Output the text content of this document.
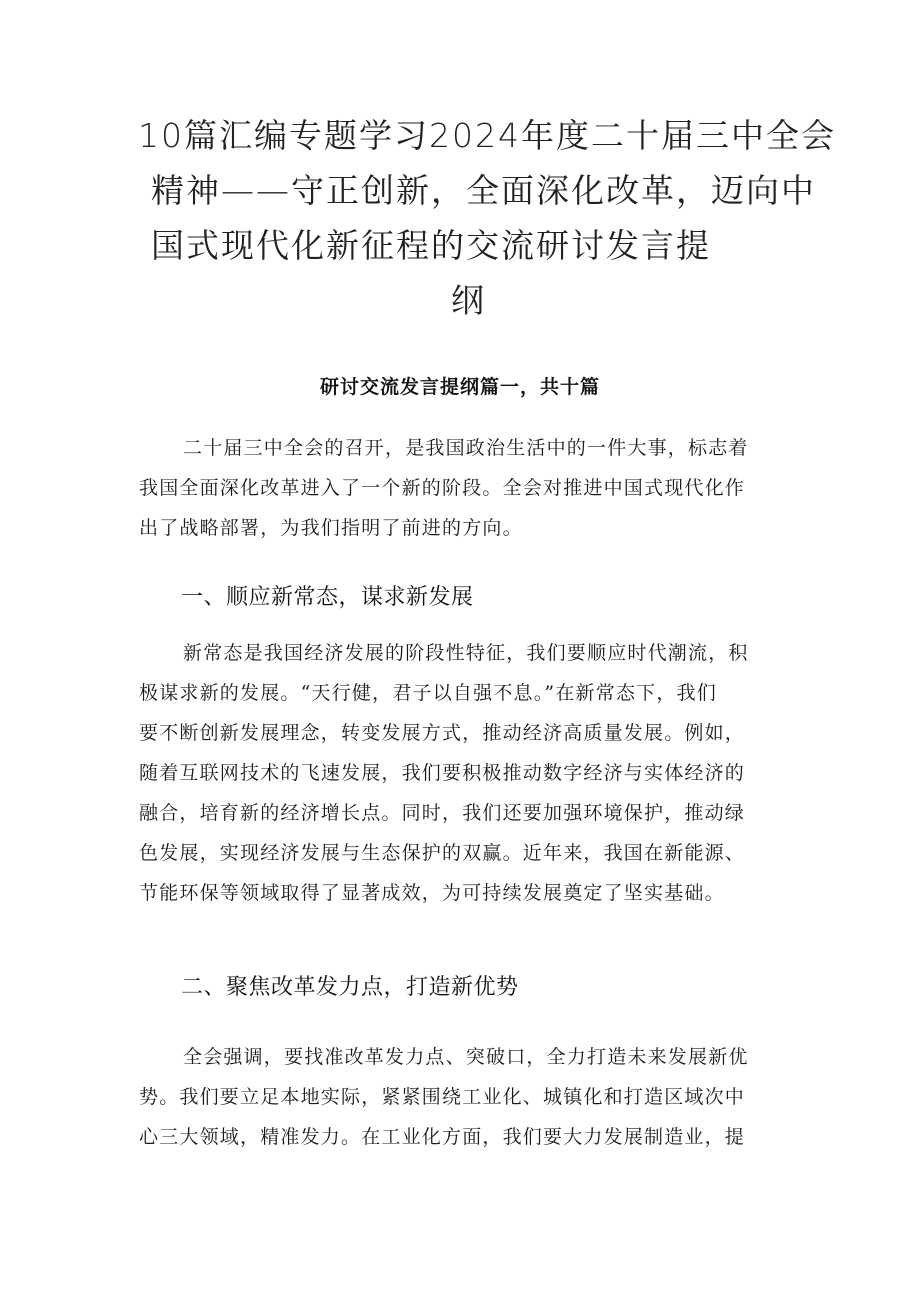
10篇汇编专题学习2024年度二十届三中全会
精神——守正创新，全面深化改革，迈向中
国式现代化新征程的交流研讨发言提
纲
研讨交流发言提纲篇一，共十篇
二十届三中全会的召开，是我国政治生活中的一件大事，标志着
我国全面深化改革进入了一个新的阶段。全会对推进中国式现代化作
出了战略部署，为我们指明了前进的方向。
一、顺应新常态，谋求新发展
新常态是我国经济发展的阶段性特征，我们要顺应时代潮流，积
极谋求新的发展。“天行健，君子以自强不息。”在新常态下，我们
要不断创新发展理念，转变发展方式，推动经济高质量发展。例如，
随着互联网技术的飞速发展，我们要积极推动数字经济与实体经济的
融合，培育新的经济增长点。同时，我们还要加强环境保护，推动绿
色发展，实现经济发展与生态保护的双赢。近年来，我国在新能源、
节能环保等领域取得了显著成效，为可持续发展奠定了坚实基础。
二、聚焦改革发力点，打造新优势
全会强调，要找准改革发力点、突破口，全力打造未来发展新优
势。我们要立足本地实际，紧紧围绕工业化、城镇化和打造区域次中
心三大领域，精准发力。在工业化方面，我们要大力发展制造业，提
